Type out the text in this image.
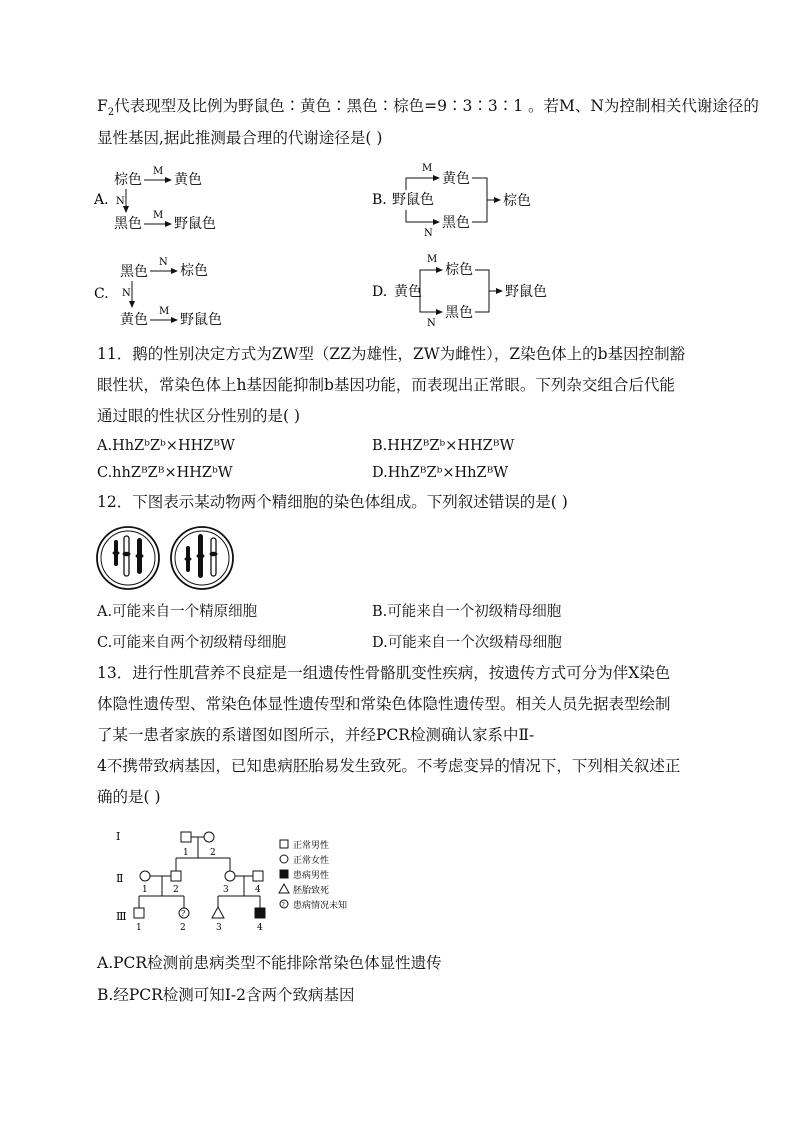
$F_2$代表现型及比例为野鼠色∶黄色∶黑色∶棕色=9∶3∶3∶1 。若M、N为控制相关代谢途径的
显性基因,据此推测最合理的代谢途径是( )
A.
棕色
M
黄色
N
黑色
M
野鼠色
B. 野鼠色
M
N
黄色
黑色
棕色
C.
黑色
N
棕色
N
黄色
M
野鼠色
D. 黄色
M
N
棕色
黑色
野鼠色
11．鹅的性别决定方式为ZW型（ZZ为雄性，ZW为雌性），Z染色体上的b基因控制豁
眼性状，常染色体上h基因能抑制b基因功能，而表现出正常眼。下列杂交组合后代能
通过眼的性状区分性别的是( )
A.HhZᵇZᵇ×HHZᴮW	B.HHZᴮZᵇ×HHZᴮW
C.hhZᴮZᴮ×HHZᵇW	D.HhZᴮZᵇ×HhZᴮW
12．下图表示某动物两个精细胞的染色体组成。下列叙述错误的是( )
A.可能来自一个精原细胞	B.可能来自一个初级精母细胞
C.可能来自两个初级精母细胞	D.可能来自一个次级精母细胞
13．进行性肌营养不良症是一组遗传性骨骼肌变性疾病，按遗传方式可分为伴X染色
体隐性遗传型、常染色体显性遗传型和常染色体隐性遗传型。相关人员先据表型绘制
了某一患者家族的系谱图如图所示，并经PCR检测确认家系中Ⅱ-
4不携带致病基因，已知患病胚胎易发生致死。不考虑变异的情况下，下列相关叙述正
确的是( )
Ⅰ
Ⅱ
Ⅲ
1 2
1	2	3	4
1
?
2	3	4
正常男性
正常女性
患病男性
胚胎致死
? 患病情况未知
A.PCR检测前患病类型不能排除常染色体显性遗传
B.经PCR检测可知Ⅰ-2含两个致病基因
